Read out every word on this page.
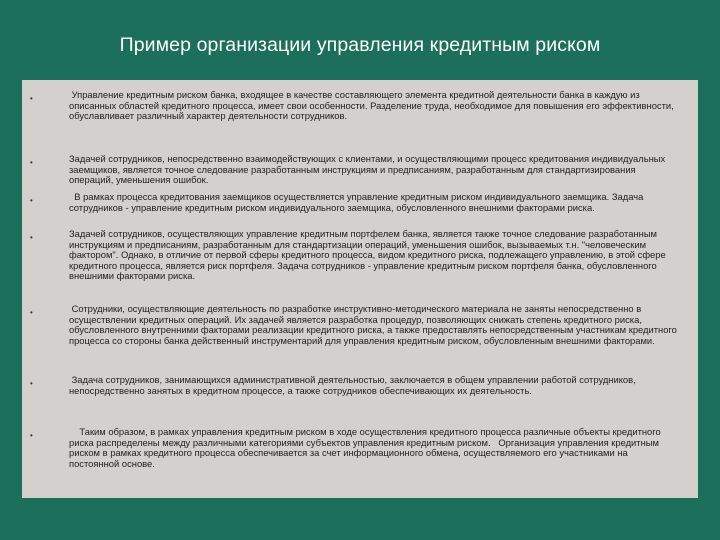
Пример организации управления кредитным риском
•	Управление кредитным риском банка, входящее в качестве составляющего элемента кредитной деятельности банка в каждую из описанных областей кредитного процесса, имеет свои особенности. Разделение труда, необходимое для повышения его эффективности, обуславливает различный характер деятельности сотрудников.
•	Задачей сотрудников, непосредственно взаимодействующих с клиентами, и осуществляющими процесс кредитования индивидуальных заемщиков, является точное следование разработанным инструкциям и предписаниям, разработанным для стандартизирования операций, уменьшения ошибок.
•	В рамках процесса кредитования заемщиков осуществляется управление кредитным риском индивидуального заемщика. Задача сотрудников - управление кредитным риском индивидуального заемщика, обусловленного внешними факторами риска.
•	Задачей сотрудников, осуществляющих управление кредитным портфелем банка, является также точное следование разработанным инструкциям и предписаниям, разработанным для стандартизации операций, уменьшения ошибок, вызываемых т.н. "человеческим фактором". Однако, в отличие от первой сферы кредитного процесса, видом кредитного риска, подлежащего управлению, в этой сфере кредитного процесса, является риск портфеля. Задача сотрудников - управление кредитным риском портфеля банка, обусловленного внешними факторами риска.
•	Сотрудники, осуществляющие деятельность по разработке инструктивно-методического материала не заняты непосредственно в осуществлении кредитных операций. Их задачей является разработка процедур, позволяющих снижать степень кредитного риска, обусловленного внутренними факторами реализации кредитного риска, а также предоставлять непосредственным участникам кредитного процесса со стороны банка действенный инструментарий для управления кредитным риском, обусловленным внешними факторами.
•	Задача сотрудников, занимающихся административной деятельностью, заключается в общем управлении работой сотрудников, непосредственно занятых в кредитном процессе, а также сотрудников обеспечивающих их деятельность.
•	Таким образом, в рамках управления кредитным риском в ходе осуществления кредитного процесса различные объекты кредитного риска распределены между различными категориями субъектов управления кредитным риском.   Организация управления кредитным риском в рамках кредитного процесса обеспечивается за счет информационного обмена, осуществляемого его участниками на постоянной основе.
